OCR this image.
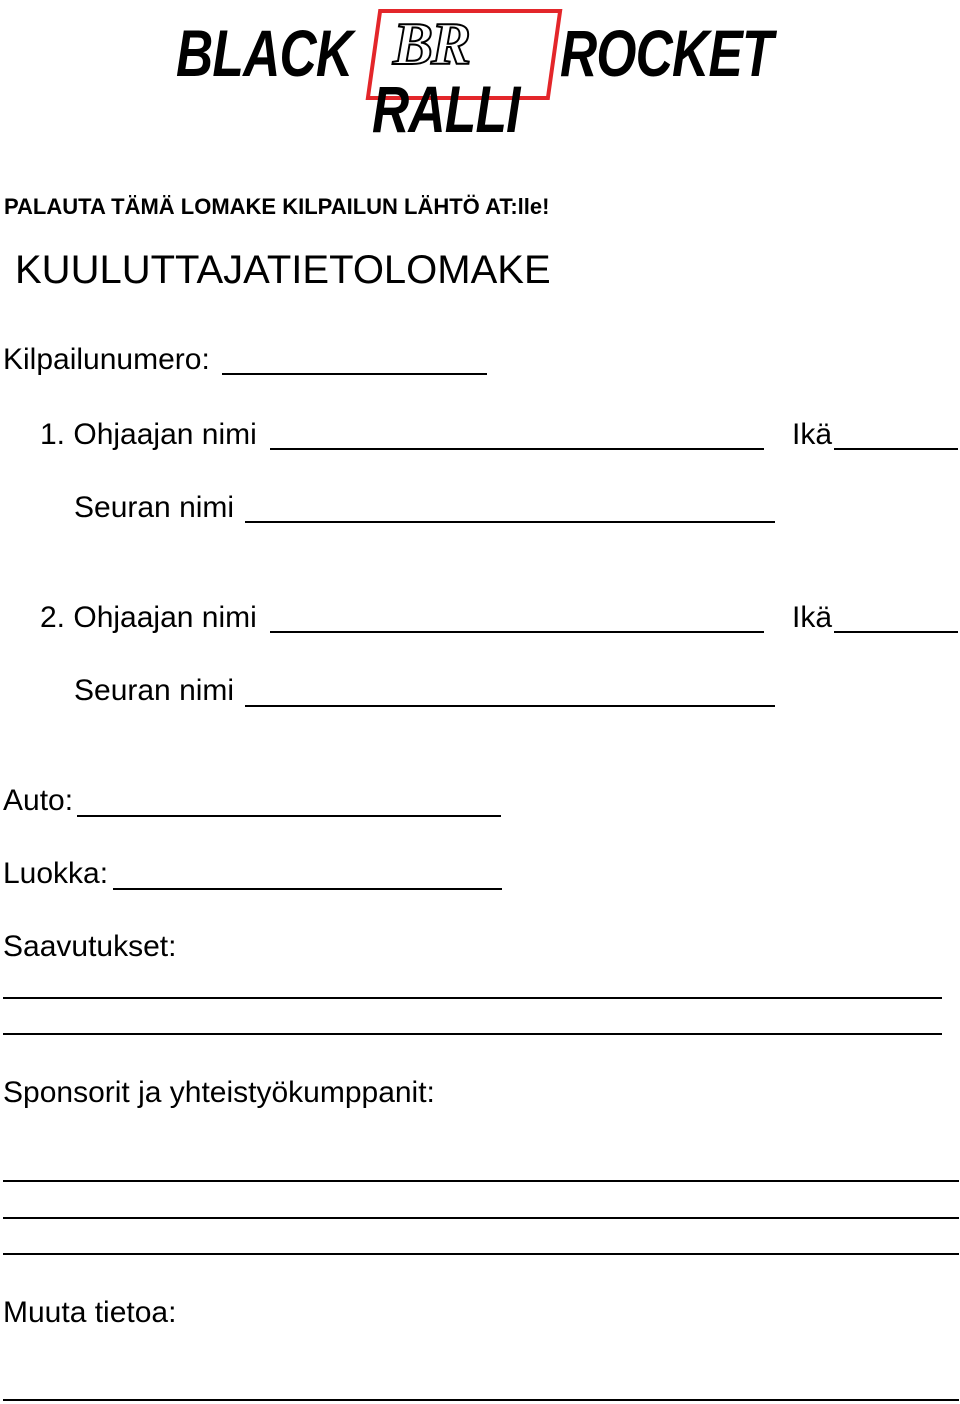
BLACK BR ROCKET
RALLI
PALAUTA TÄMÄ LOMAKE KILPAILUN LÄHTÖ AT:lle!
KUULUTTAJATIETOLOMAKE
Kilpailunumero:
1. Ohjaajan nimi	Ikä
Seuran nimi
2. Ohjaajan nimi	Ikä
Seuran nimi
Auto:
Luokka:
Saavutukset:
Sponsorit ja yhteistyökumppanit:
Muuta tietoa:
